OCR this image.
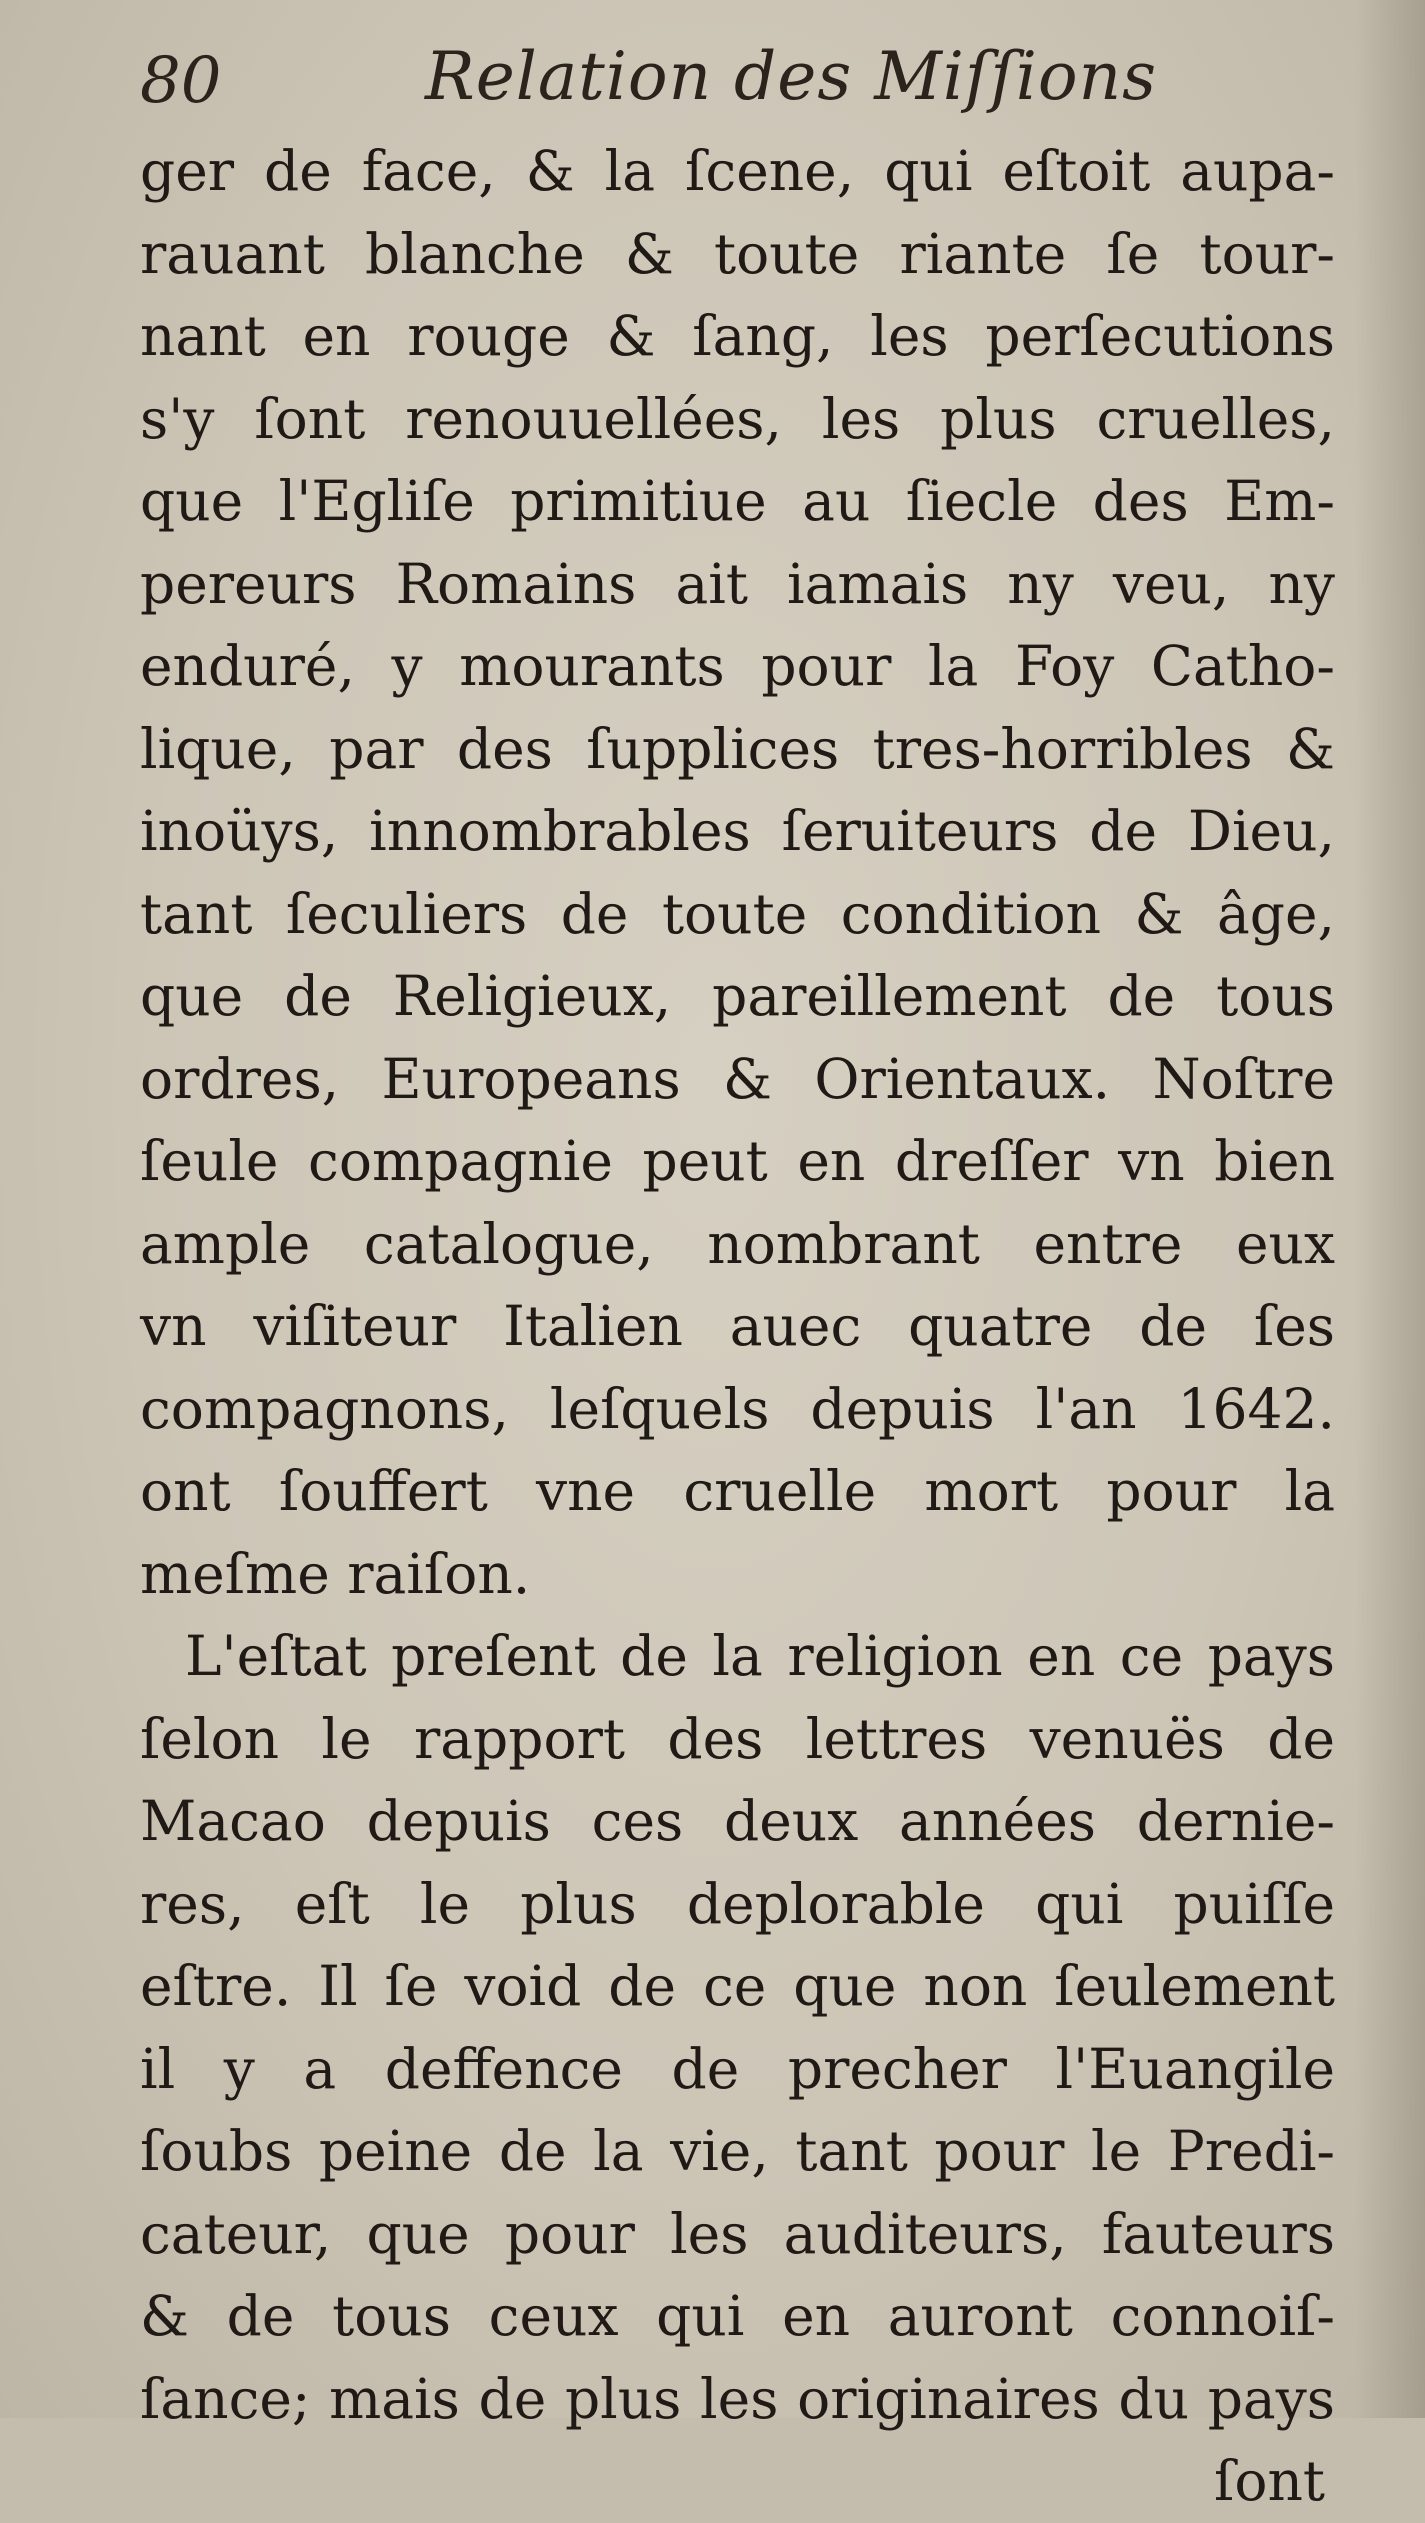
80	Relation des Miſſions
ger de face, & la ſcene, qui eſtoit aupa-
rauant blanche & toute riante ſe tour-
nant en rouge & ſang, les perſecutions
s'y ſont renouuellées, les plus cruelles,
que l'Egliſe primitiue au ſiecle des Em-
pereurs Romains ait iamais ny veu, ny
enduré, y mourants pour la Foy Catho-
lique, par des ſupplices tres-horribles &
inoüys, innombrables ſeruiteurs de Dieu,
tant ſeculiers de toute condition & âge,
que de Religieux, pareillement de tous
ordres, Europeans & Orientaux. Noſtre
ſeule compagnie peut en dreſſer vn bien
ample catalogue, nombrant entre eux
vn viſiteur Italien auec quatre de ſes
compagnons, leſquels depuis l'an 1642.
ont ſouffert vne cruelle mort pour la
meſme raiſon.
L'eſtat preſent de la religion en ce pays
ſelon le rapport des lettres venuës de
Macao depuis ces deux années dernie-
res, eſt le plus deplorable qui puiſſe
eſtre. Il ſe void de ce que non ſeulement
il y a deffence de precher l'Euangile
ſoubs peine de la vie, tant pour le Predi-
cateur, que pour les auditeurs, fauteurs
& de tous ceux qui en auront connoiſ-
ſance; mais de plus les originaires du pays
ſont
